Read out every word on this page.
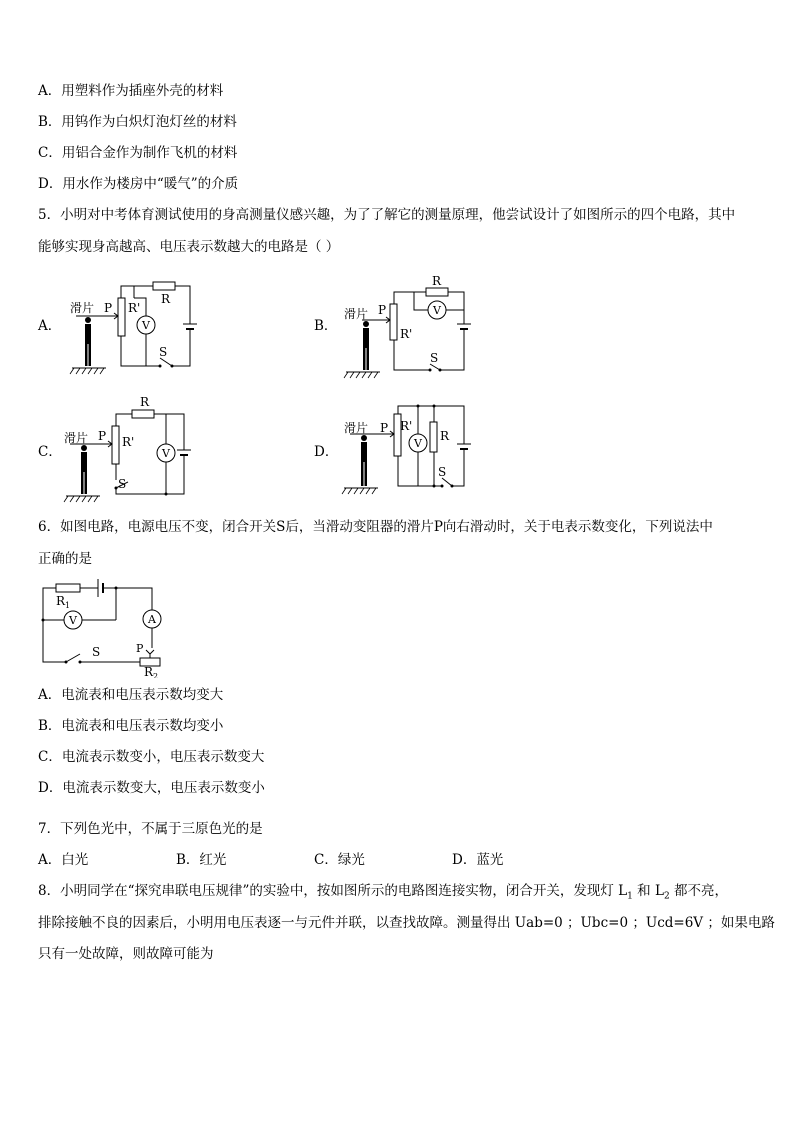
A．用塑料作为插座外壳的材料
B．用钨作为白炽灯泡灯丝的材料
C．用铝合金作为制作飞机的材料
D．用水作为楼房中“暖气”的介质
5．小明对中考体育测试使用的身高测量仪感兴趣，为了了解它的测量原理，他尝试设计了如图所示的四个电路，其中
能够实现身高越高、电压表示数越大的电路是（ ）
A．
滑片 P R'
R
V
S
B．
滑片 P
R'
R
V
S
C．
滑片 P R'
R
V
S
D．
滑片 P R'
R
V
S
6．如图电路，电源电压不变，闭合开关S后，当滑动变阻器的滑片P向右滑动时，关于电表示数变化，下列说法中
正确的是
$R_1$
V	A
S	P
$R_2$
A．电流表和电压表示数均变大
B．电流表和电压表示数均变小
C．电流表示数变小，电压表示数变大
D．电流表示数变大，电压表示数变小
7．下列色光中，不属于三原色光的是
A．白光	B．红光	C．绿光	D．蓝光
8．小明同学在“探究串联电压规律”的实验中，按如图所示的电路图连接实物，闭合开关，发现灯 $L_1$ 和 $L_2$ 都不亮，
排除接触不良的因素后，小明用电压表逐一与元件并联，以查找故障。测量得出 Uab=0 ；Ubc=0 ；Ucd=6V ；如果电路
只有一处故障，则故障可能为
